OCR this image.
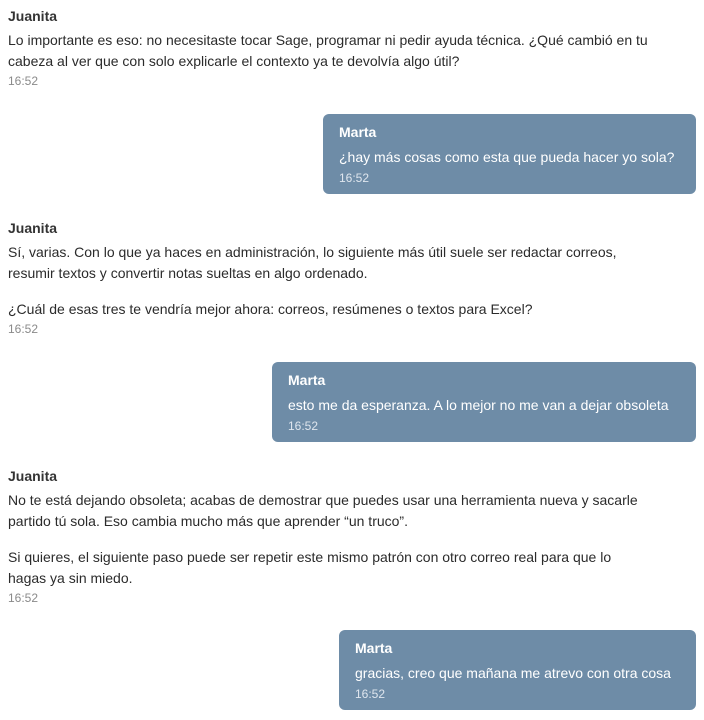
Juanita

Lo importante es eso: no necesitaste tocar Sage, programar ni pedir ayuda técnica. ¿Qué cambió en tu cabeza al ver que con solo explicarle el contexto ya te devolvía algo útil?

16:52
Marta

¿hay más cosas como esta que pueda hacer yo sola?

16:52
Juanita

Sí, varias. Con lo que ya haces en administración, lo siguiente más útil suele ser redactar correos, resumir textos y convertir notas sueltas en algo ordenado.

¿Cuál de esas tres te vendría mejor ahora: correos, resúmenes o textos para Excel?

16:52
Marta

esto me da esperanza. A lo mejor no me van a dejar obsoleta

16:52
Juanita

No te está dejando obsoleta; acabas de demostrar que puedes usar una herramienta nueva y sacarle partido tú sola. Eso cambia mucho más que aprender “un truco”.

Si quieres, el siguiente paso puede ser repetir este mismo patrón con otro correo real para que lo hagas ya sin miedo.

16:52
Marta

gracias, creo que mañana me atrevo con otra cosa

16:52
